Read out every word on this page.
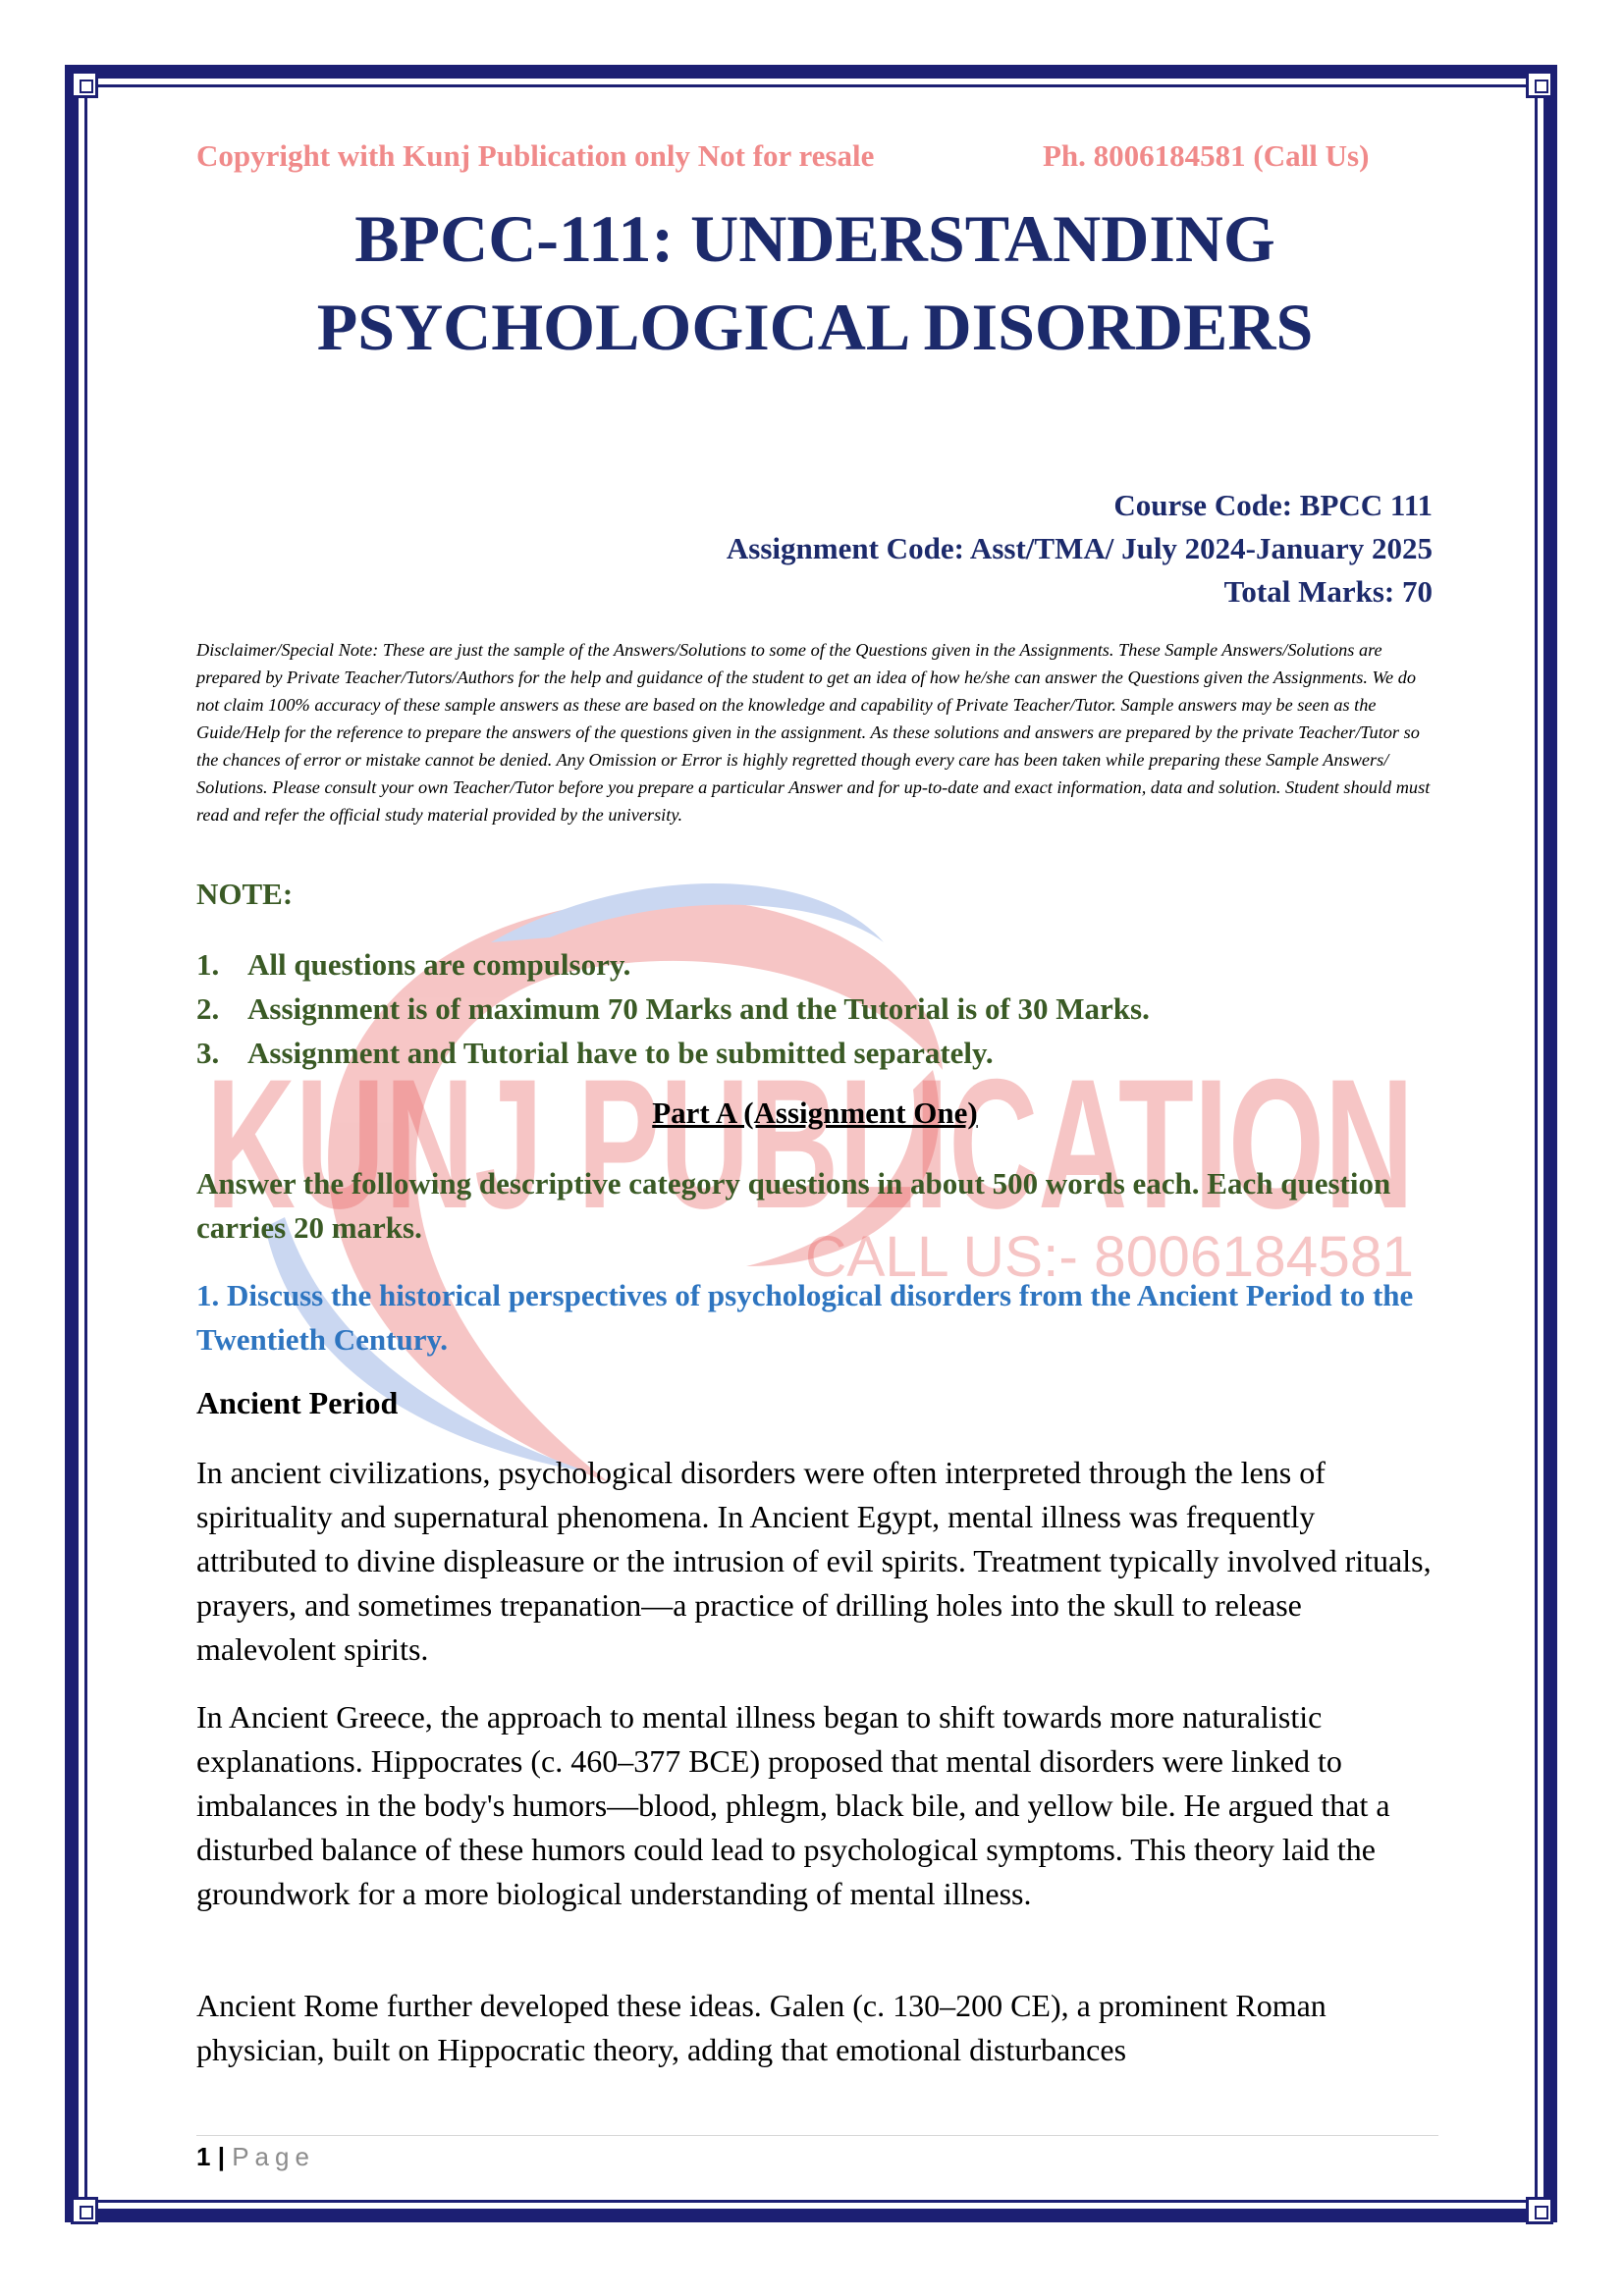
KUNJ PUBLICATION
CALL US:- 8006184581
Copyright with Kunj Publication only Not for resale	Ph. 8006184581 (Call Us)
BPCC-111: UNDERSTANDING
PSYCHOLOGICAL DISORDERS
Course Code: BPCC 111
Assignment Code: Asst/TMA/ July 2024-January 2025
Total Marks: 70
Disclaimer/Special Note: These are just the sample of the Answers/Solutions to some of the Questions given in the Assignments. These Sample Answers/Solutions are prepared by Private Teacher/Tutors/Authors for the help and guidance of the student to get an idea of how he/she can answer the Questions given the Assignments. We do not claim 100% accuracy of these sample answers as these are based on the knowledge and capability of Private Teacher/Tutor. Sample answers may be seen as the Guide/Help for the reference to prepare the answers of the questions given in the assignment. As these solutions and answers are prepared by the private Teacher/Tutor so the chances of error or mistake cannot be denied. Any Omission or Error is highly regretted though every care has been taken while preparing these Sample Answers/ Solutions. Please consult your own Teacher/Tutor before you prepare a particular Answer and for up-to-date and exact information, data and solution. Student should must read and refer the official study material provided by the university.
NOTE:
1. All questions are compulsory.
2. Assignment is of maximum 70 Marks and the Tutorial is of 30 Marks.
3. Assignment and Tutorial have to be submitted separately.
Part A (Assignment One)
Answer the following descriptive category questions in about 500 words each. Each question carries 20 marks.
1. Discuss the historical perspectives of psychological disorders from the Ancient Period to the Twentieth Century.
Ancient Period
In ancient civilizations, psychological disorders were often interpreted through the lens of spirituality and supernatural phenomena. In Ancient Egypt, mental illness was frequently attributed to divine displeasure or the intrusion of evil spirits. Treatment typically involved rituals, prayers, and sometimes trepanation—a practice of drilling holes into the skull to release malevolent spirits.
In Ancient Greece, the approach to mental illness began to shift towards more naturalistic explanations. Hippocrates (c. 460–377 BCE) proposed that mental disorders were linked to imbalances in the body's humors—blood, phlegm, black bile, and yellow bile. He argued that a disturbed balance of these humors could lead to psychological symptoms. This theory laid the groundwork for a more biological understanding of mental illness.
Ancient Rome further developed these ideas. Galen (c. 130–200 CE), a prominent Roman physician, built on Hippocratic theory, adding that emotional disturbances
1 | Page
